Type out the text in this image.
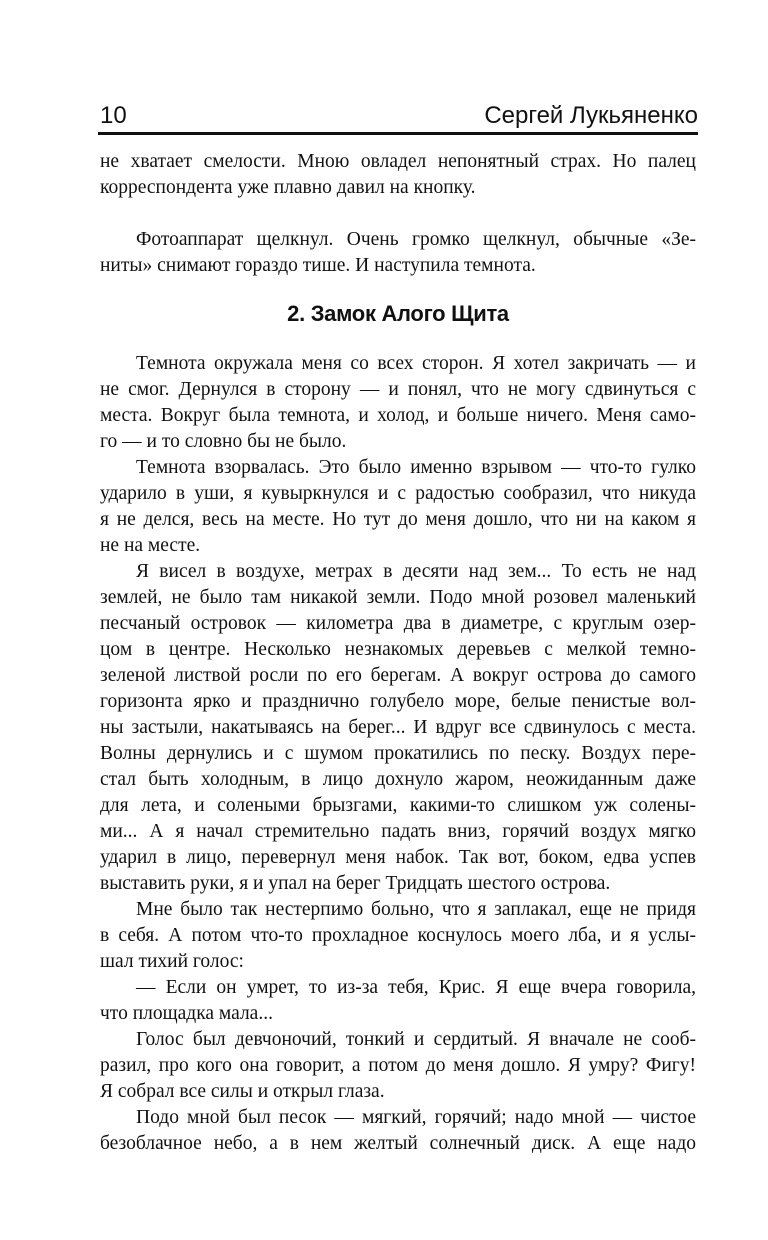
10	Сергей Лукьяненко
не хватает смелости. Мною овладел непонятный страх. Но палец
корреспондента уже плавно давил на кнопку.
Фотоаппарат щелкнул. Очень громко щелкнул, обычные «Зе-
ниты» снимают гораздо тише. И наступила темнота.
2. Замок Алого Щита
Темнота окружала меня со всех сторон. Я хотел закричать — и
не смог. Дернулся в сторону — и понял, что не могу сдвинуться с
места. Вокруг была темнота, и холод, и больше ничего. Меня само-
го — и то словно бы не было.
Темнота взорвалась. Это было именно взрывом — что-то гулко
ударило в уши, я кувыркнулся и с радостью сообразил, что никуда
я не делся, весь на месте. Но тут до меня дошло, что ни на каком я
не на месте.
Я висел в воздухе, метрах в десяти над зем... То есть не над
землей, не было там никакой земли. Подо мной розовел маленький
песчаный островок — километра два в диаметре, с круглым озер-
цом в центре. Несколько незнакомых деревьев с мелкой темно-
зеленой листвой росли по его берегам. А вокруг острова до самого
горизонта ярко и празднично голубело море, белые пенистые вол-
ны застыли, накатываясь на берег... И вдруг все сдвинулось с места.
Волны дернулись и с шумом прокатились по песку. Воздух пере-
стал быть холодным, в лицо дохнуло жаром, неожиданным даже
для лета, и солеными брызгами, какими-то слишком уж солены-
ми... А я начал стремительно падать вниз, горячий воздух мягко
ударил в лицо, перевернул меня набок. Так вот, боком, едва успев
выставить руки, я и упал на берег Тридцать шестого острова.
Мне было так нестерпимо больно, что я заплакал, еще не придя
в себя. А потом что-то прохладное коснулось моего лба, и я услы-
шал тихий голос:
— Если он умрет, то из-за тебя, Крис. Я еще вчера говорила,
что площадка мала...
Голос был девчоночий, тонкий и сердитый. Я вначале не сооб-
разил, про кого она говорит, а потом до меня дошло. Я умру? Фигу!
Я собрал все силы и открыл глаза.
Подо мной был песок — мягкий, горячий; надо мной — чистое
безоблачное небо, а в нем желтый солнечный диск. А еще надо
